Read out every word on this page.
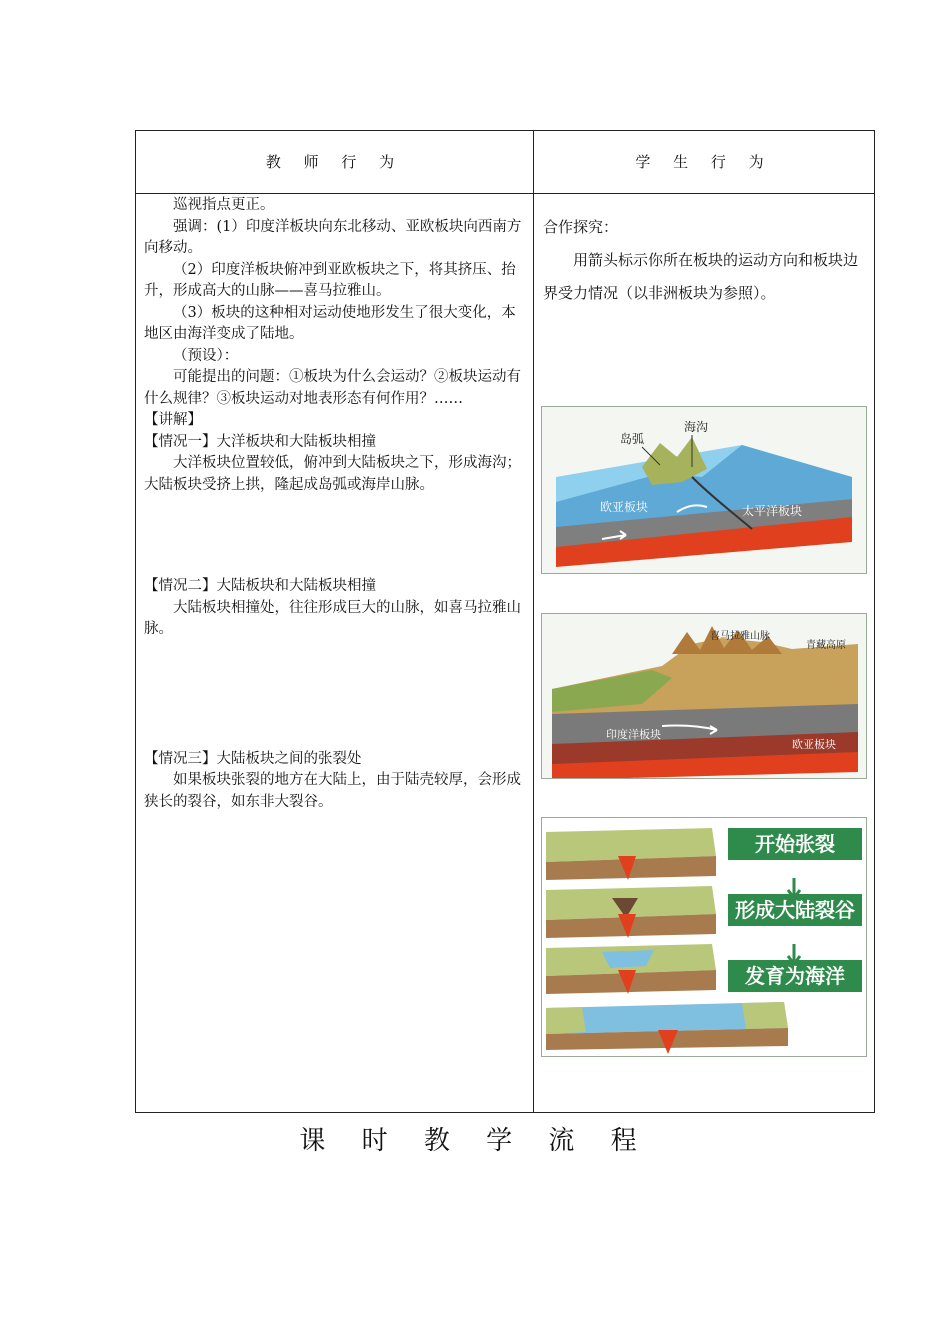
教 师 行 为	学 生 行 为

巡视指点更正。

强调：(1）印度洋板块向东北移动、亚欧板块向西南方向移动。

（2）印度洋板块俯冲到亚欧板块之下，将其挤压、抬升，形成高大的山脉——喜马拉雅山。

（3）板块的这种相对运动使地形发生了很大变化，本地区由海洋变成了陆地。

（预设）：

可能提出的问题：①板块为什么会运动？②板块运动有什么规律？③板块运动对地表形态有何作用？……

【讲解】

【情况一】大洋板块和大陆板块相撞

大洋板块位置较低，俯冲到大陆板块之下，形成海沟；大陆板块受挤上拱，隆起成岛弧或海岸山脉。

【情况二】大陆板块和大陆板块相撞

大陆板块相撞处，往往形成巨大的山脉，如喜马拉雅山脉。

【情况三】大陆板块之间的张裂处

如果板块张裂的地方在大陆上，由于陆壳较厚，会形成狭长的裂谷，如东非大裂谷。

合作探究：

用箭头标示你所在板块的运动方向和板块边界受力情况（以非洲板块为参照）。

岛弧
海沟
欧亚板块	太平洋板块
喜马拉雅山脉
青藏高原
印度洋板块
欧亚板块
开始张裂
形成大陆裂谷
发育为海洋
课 时 教 学 流 程
